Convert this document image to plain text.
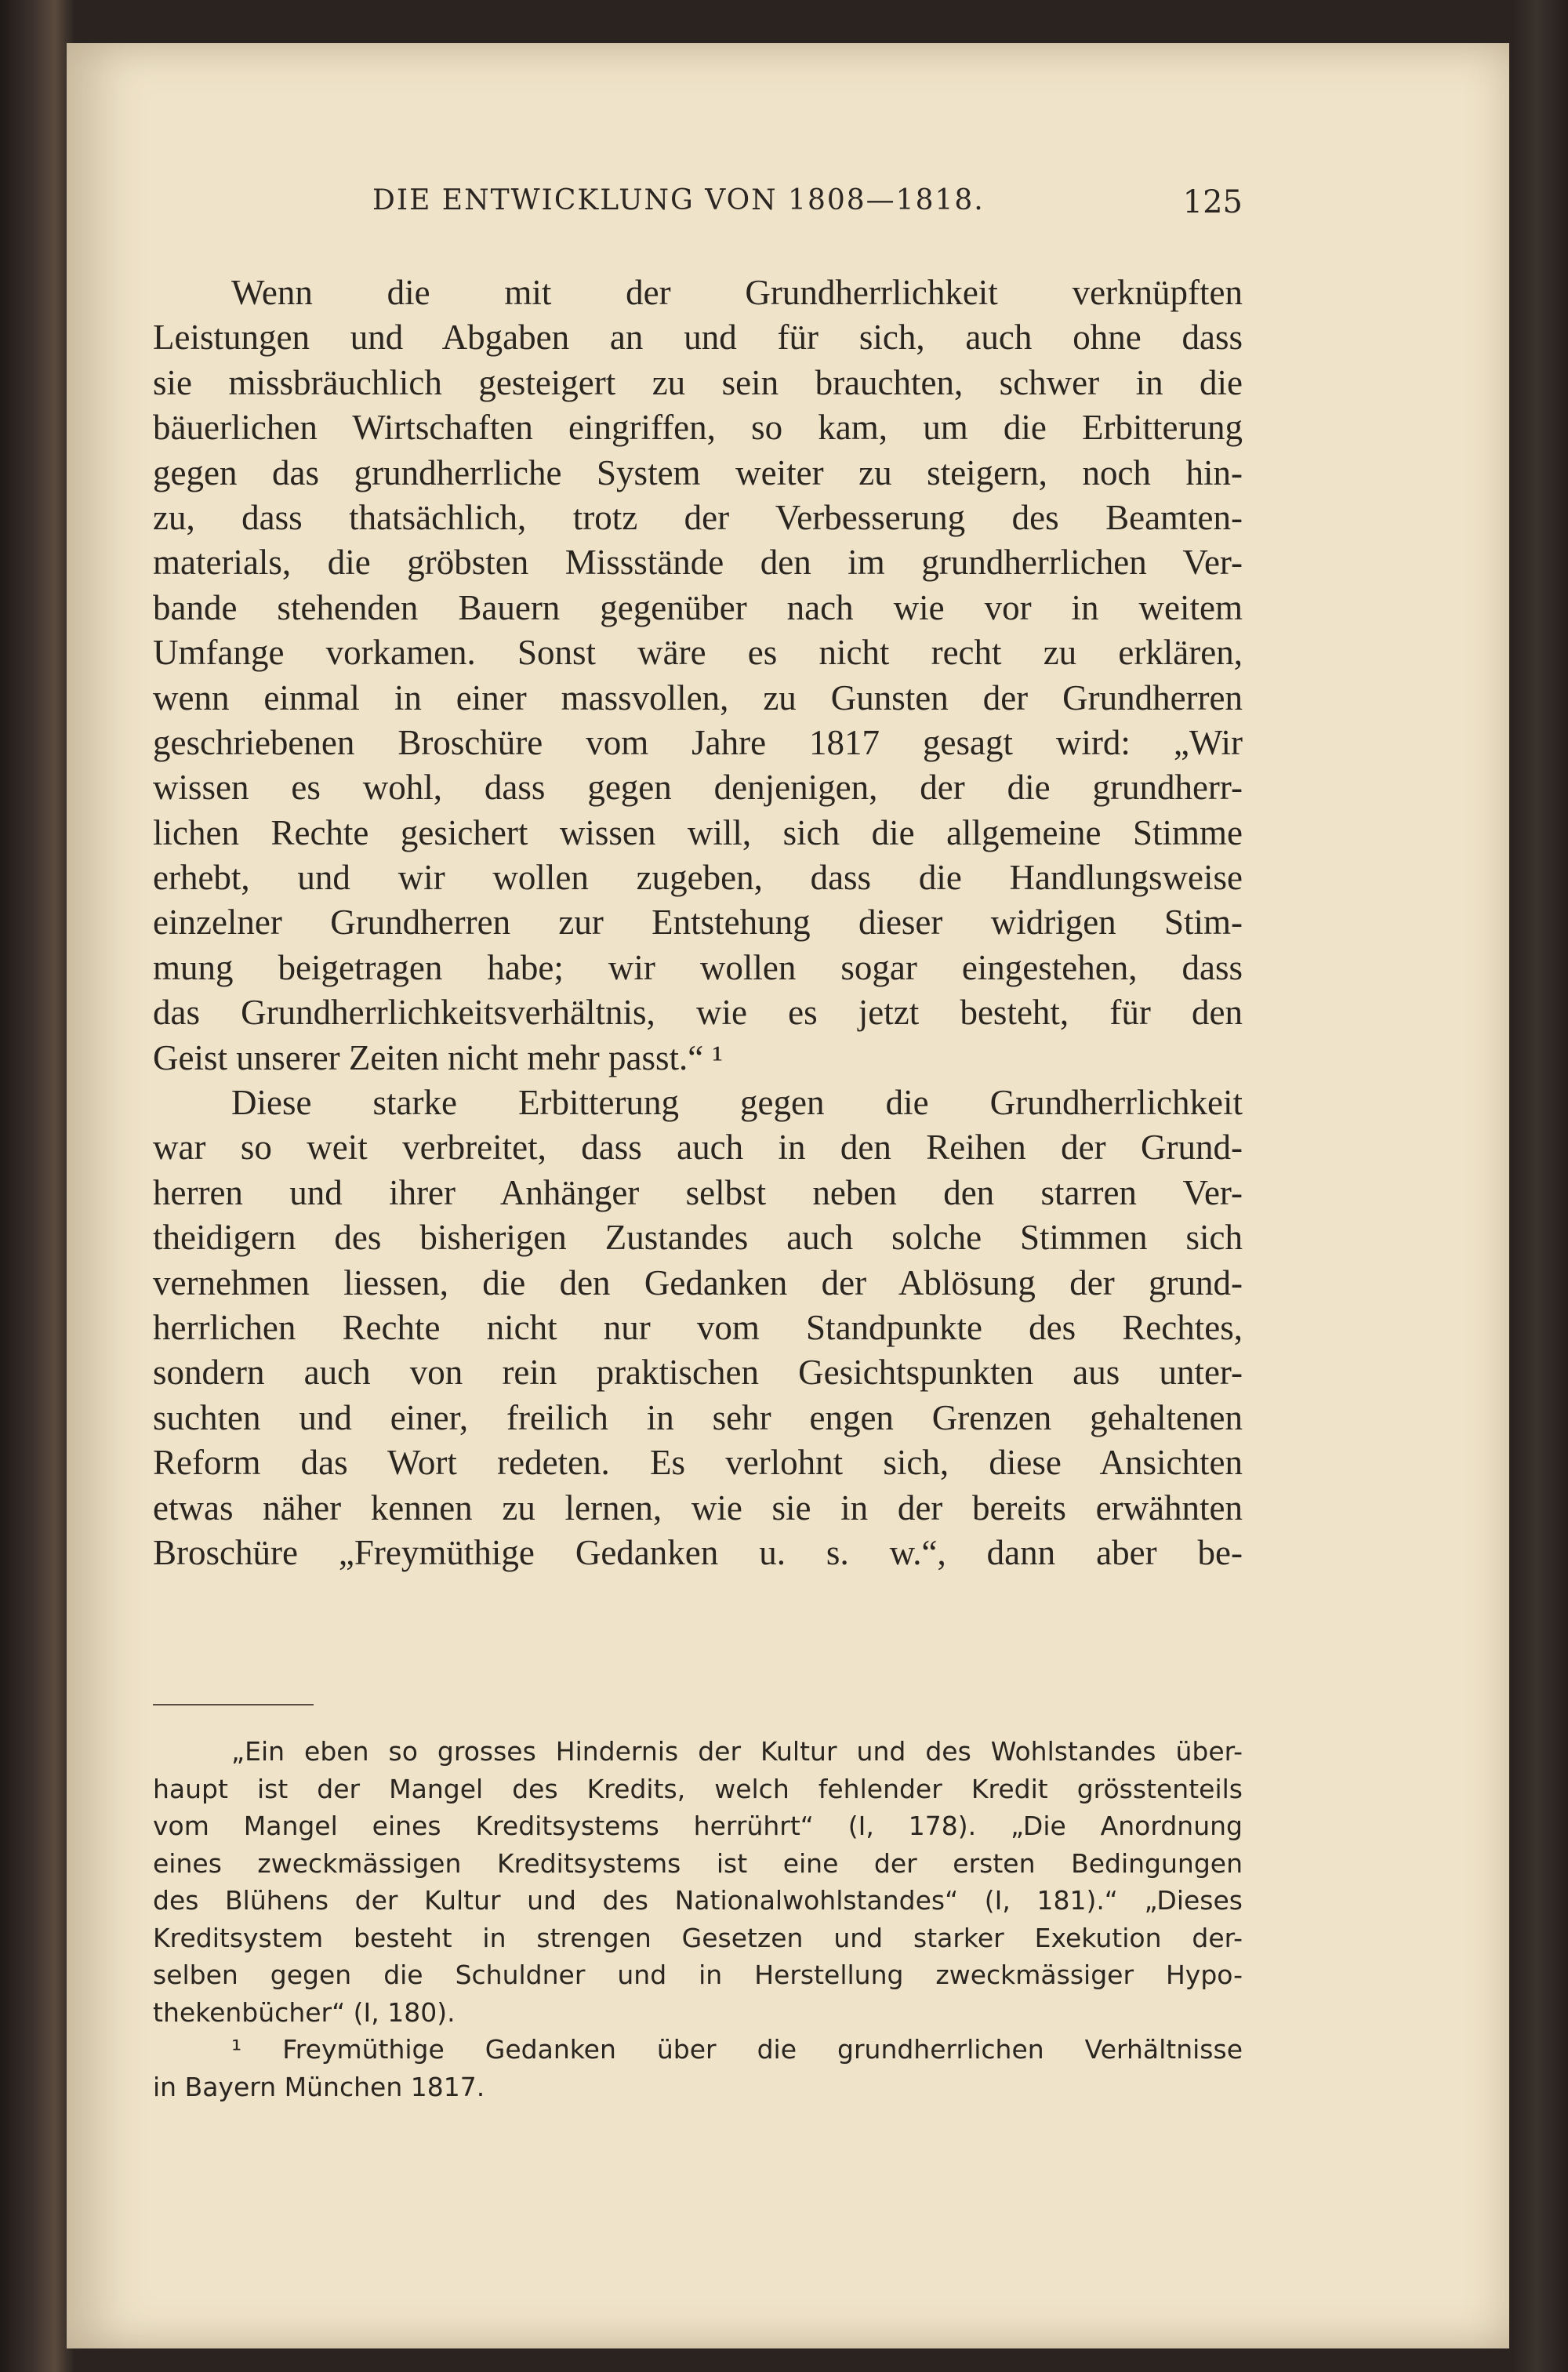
DIE ENTWICKLUNG VON 1808—1818.	125
Wenn die mit der Grundherrlichkeit verknüpften
Leistungen und Abgaben an und für sich, auch ohne dass
sie missbräuchlich gesteigert zu sein brauchten, schwer in die
bäuerlichen Wirtschaften eingriffen, so kam, um die Erbitterung
gegen das grundherrliche System weiter zu steigern, noch hin-
zu, dass thatsächlich, trotz der Verbesserung des Beamten-
materials, die gröbsten Missstände den im grundherrlichen Ver-
bande stehenden Bauern gegenüber nach wie vor in weitem
Umfange vorkamen. Sonst wäre es nicht recht zu erklären,
wenn einmal in einer massvollen, zu Gunsten der Grundherren
geschriebenen Broschüre vom Jahre 1817 gesagt wird: „Wir
wissen es wohl, dass gegen denjenigen, der die grundherr-
lichen Rechte gesichert wissen will, sich die allgemeine Stimme
erhebt, und wir wollen zugeben, dass die Handlungsweise
einzelner Grundherren zur Entstehung dieser widrigen Stim-
mung beigetragen habe; wir wollen sogar eingestehen, dass
das Grundherrlichkeitsverhältnis, wie es jetzt besteht, für den
Geist unserer Zeiten nicht mehr passt.“ ¹
Diese starke Erbitterung gegen die Grundherrlichkeit
war so weit verbreitet, dass auch in den Reihen der Grund-
herren und ihrer Anhänger selbst neben den starren Ver-
theidigern des bisherigen Zustandes auch solche Stimmen sich
vernehmen liessen, die den Gedanken der Ablösung der grund-
herrlichen Rechte nicht nur vom Standpunkte des Rechtes,
sondern auch von rein praktischen Gesichtspunkten aus unter-
suchten und einer, freilich in sehr engen Grenzen gehaltenen
Reform das Wort redeten. Es verlohnt sich, diese Ansichten
etwas näher kennen zu lernen, wie sie in der bereits erwähnten
Broschüre „Freymüthige Gedanken u. s. w.“, dann aber be-
„Ein eben so grosses Hindernis der Kultur und des Wohlstandes über-
haupt ist der Mangel des Kredits, welch fehlender Kredit grösstenteils
vom Mangel eines Kreditsystems herrührt“ (I, 178). „Die Anordnung
eines zweckmässigen Kreditsystems ist eine der ersten Bedingungen
des Blühens der Kultur und des Nationalwohlstandes“ (I, 181).“ „Dieses
Kreditsystem besteht in strengen Gesetzen und starker Exekution der-
selben gegen die Schuldner und in Herstellung zweckmässiger Hypo-
thekenbücher“ (I, 180).
¹ Freymüthige Gedanken über die grundherrlichen Verhältnisse
in Bayern München 1817.
